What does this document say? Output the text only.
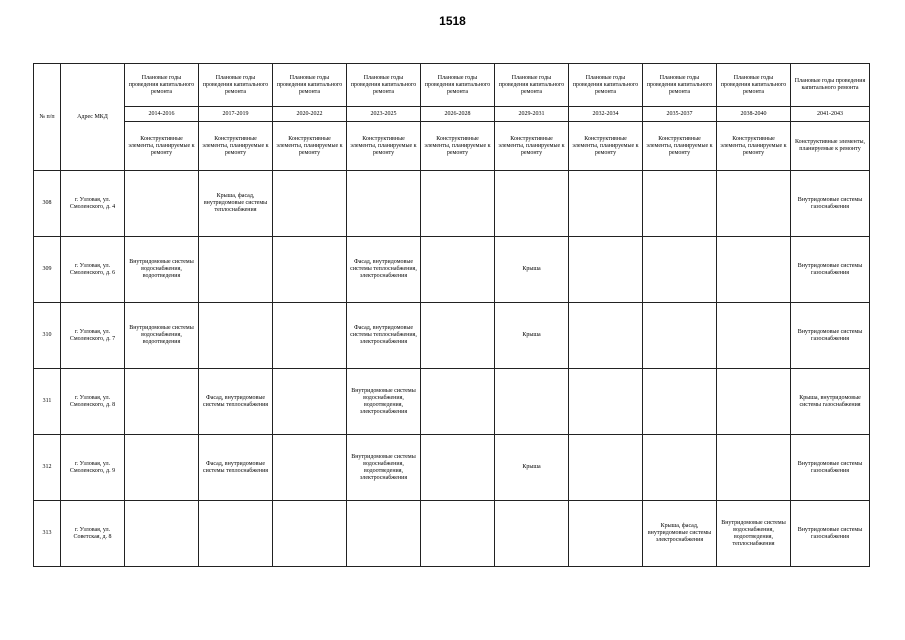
1518
№ п/п	Адрес МКД	Плановые годы проведения капитального ремонта	Плановые годы проведения капитального ремонта	Плановые годы проведения капитального ремонта	Плановые годы проведения капитального ремонта	Плановые годы проведения капитального ремонта	Плановые годы проведения капитального ремонта	Плановые годы проведения капитального ремонта	Плановые годы проведения капитального ремонта	Плановые годы проведения капитального ремонта	Плановые годы проведения капитального ремонта
		2014-2016	2017-2019	2020-2022	2023-2025	2026-2028	2029-2031	2032-2034	2035-2037	2038-2040	2041-2043
		Конструктивные элементы, планируемые к ремонту	Конструктивные элементы, планируемые к ремонту	Конструктивные элементы, планируемые к ремонту	Конструктивные элементы, планируемые к ремонту	Конструктивные элементы, планируемые к ремонту	Конструктивные элементы, планируемые к ремонту	Конструктивные элементы, планируемые к ремонту	Конструктивные элементы, планируемые к ремонту	Конструктивные элементы, планируемые к ремонту	Конструктивные элементы, планируемые к ремонту
308	г. Узловая, ул. Смоленского, д. 4		Крыша, фасад, внутридомовые системы теплоснабжения								Внутридомовые системы газоснабжения
309	г. Узловая, ул. Смоленского, д. 6	Внутридомовые системы водоснабжения, водоотведения			Фасад, внутридомовые системы теплоснабжения, электроснабжения		Крыша				Внутридомовые системы газоснабжения
310	г. Узловая, ул. Смоленского, д. 7	Внутридомовые системы водоснабжения, водоотведения			Фасад, внутридомовые системы теплоснабжения, электроснабжения		Крыша				Внутридомовые системы газоснабжения
311	г. Узловая, ул. Смоленского, д. 8		Фасад, внутридомовые системы теплоснабжения		Внутридомовые системы водоснабжения, водоотведения, электроснабжения						Крыша, внутридомовые системы газоснабжения
312	г. Узловая, ул. Смоленского, д. 9		Фасад, внутридомовые системы теплоснабжения		Внутридомовые системы водоснабжения, водоотведения, электроснабжения		Крыша				Внутридомовые системы газоснабжения
313	г. Узловая, ул. Советская, д. 8								Крыша, фасад, внутридомовые системы электроснабжения	Внутридомовые системы водоснабжения, водоотведения, теплоснабжения	Внутридомовые системы газоснабжения
